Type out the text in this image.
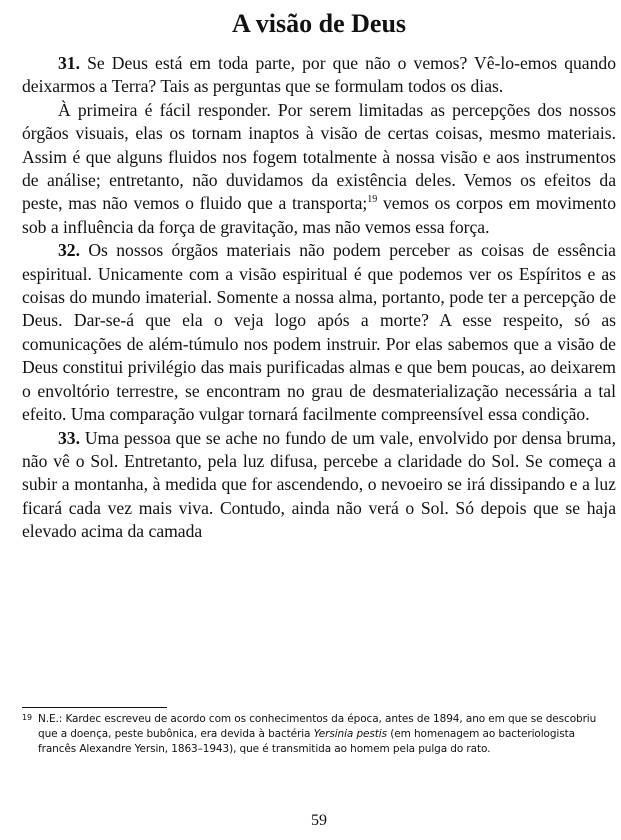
A visão de Deus

31. Se Deus está em toda parte, por que não o vemos? Vê-lo-emos quando deixarmos a Terra? Tais as perguntas que se formulam todos os dias.

À primeira é fácil responder. Por serem limitadas as percepções dos nossos órgãos visuais, elas os tornam inaptos à visão de certas coisas, mesmo materiais. Assim é que alguns fluidos nos fogem totalmente à nossa visão e aos instrumentos de análise; entretanto, não duvidamos da existência deles. Vemos os efeitos da peste, mas não vemos o fluido que a transporta;$^{19}$ vemos os corpos em movimento sob a influência da força de gravitação, mas não vemos essa força.

32. Os nossos órgãos materiais não podem perceber as coisas de essência espiritual. Unicamente com a visão espiritual é que podemos ver os Espíritos e as coisas do mundo imaterial. Somente a nossa alma, portanto, pode ter a percepção de Deus. Dar-se-á que ela o veja logo após a morte? A esse respeito, só as comunicações de além-túmulo nos podem instruir. Por elas sabemos que a visão de Deus constitui privilégio das mais purificadas almas e que bem poucas, ao deixarem o envoltório terrestre, se encontram no grau de desmaterialização necessária a tal efeito. Uma comparação vulgar tornará facilmente compreensível essa condição.

33. Uma pessoa que se ache no fundo de um vale, envolvido por densa bruma, não vê o Sol. Entretanto, pela luz difusa, percebe a claridade do Sol. Se começa a subir a montanha, à medida que for ascendendo, o nevoeiro se irá dissipando e a luz ficará cada vez mais viva. Contudo, ainda não verá o Sol. Só depois que se haja elevado acima da camada

19 N.E.: Kardec escreveu de acordo com os conhecimentos da época, antes de 1894, ano em que se descobriu que a doença, peste bubônica, era devida à bactéria Yersinia pestis (em homenagem ao bacteriologista francês Alexandre Yersin, 1863–1943), que é transmitida ao homem pela pulga do rato.
59
